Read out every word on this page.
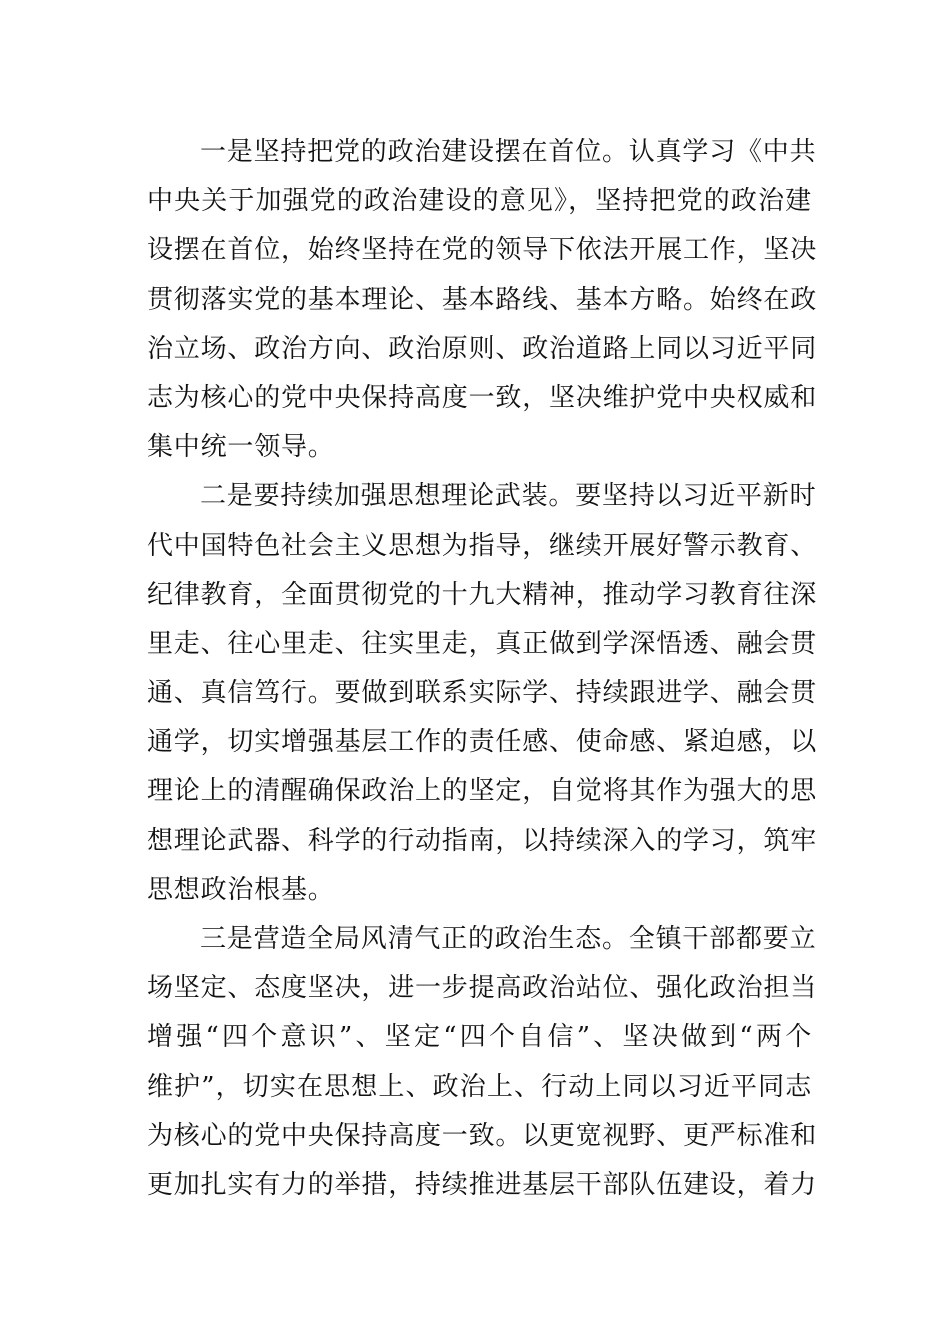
一是坚持把党的政治建设摆在首位。认真学习《中共
中央关于加强党的政治建设的意见》，坚持把党的政治建
设摆在首位，始终坚持在党的领导下依法开展工作，坚决
贯彻落实党的基本理论、基本路线、基本方略。始终在政
治立场、政治方向、政治原则、政治道路上同以习近平同
志为核心的党中央保持高度一致，坚决维护党中央权威和
集中统一领导。
二是要持续加强思想理论武装。要坚持以习近平新时
代中国特色社会主义思想为指导，继续开展好警示教育、
纪律教育，全面贯彻党的十九大精神，推动学习教育往深
里走、往心里走、往实里走，真正做到学深悟透、融会贯
通、真信笃行。要做到联系实际学、持续跟进学、融会贯
通学，切实增强基层工作的责任感、使命感、紧迫感，以
理论上的清醒确保政治上的坚定，自觉将其作为强大的思
想理论武器、科学的行动指南，以持续深入的学习，筑牢
思想政治根基。
三是营造全局风清气正的政治生态。全镇干部都要立
场坚定、态度坚决，进一步提高政治站位、强化政治担当
增强“四个意识”、坚定“四个自信”、坚决做到“两个
维护”，切实在思想上、政治上、行动上同以习近平同志
为核心的党中央保持高度一致。以更宽视野、更严标准和
更加扎实有力的举措，持续推进基层干部队伍建设，着力
